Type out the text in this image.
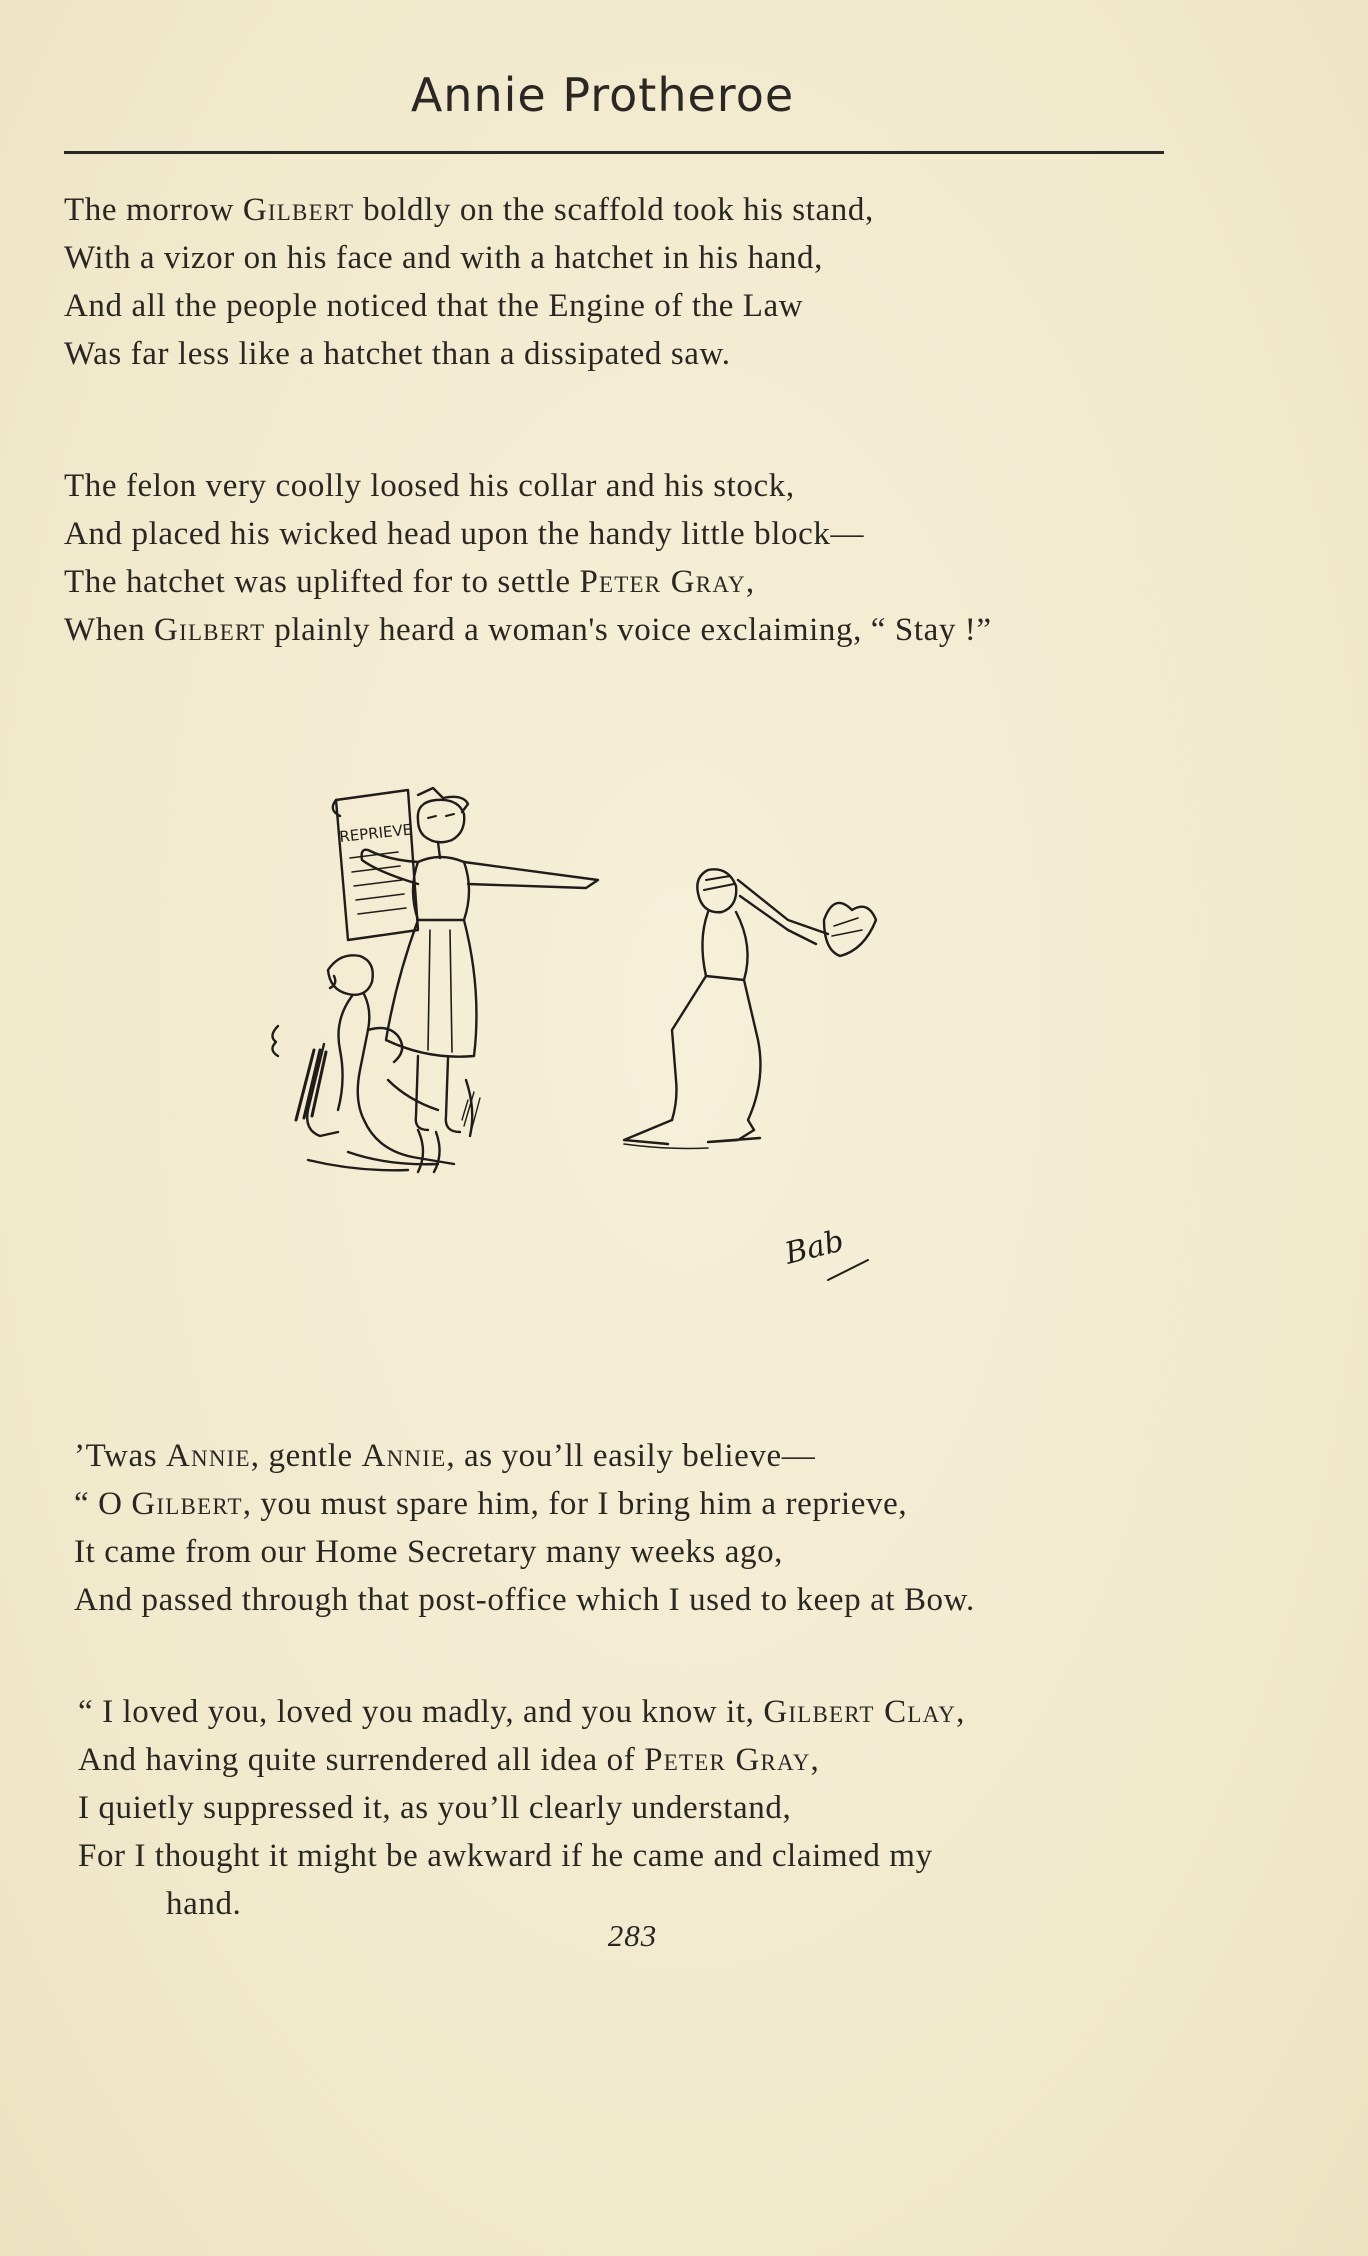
Annie Protheroe
The morrow Gilbert boldly on the scaffold took his stand,
With a vizor on his face and with a hatchet in his hand,
And all the people noticed that the Engine of the Law
Was far less like a hatchet than a dissipated saw.
The felon very coolly loosed his collar and his stock,
And placed his wicked head upon the handy little block—
The hatchet was uplifted for to settle Peter Gray,
When Gilbert plainly heard a woman's voice exclaiming, “ Stay !”
REPRIEVE
Bab
’Twas Annie, gentle Annie, as you’ll easily believe—
“ O Gilbert, you must spare him, for I bring him a reprieve,
It came from our Home Secretary many weeks ago,
And passed through that post-office which I used to keep at Bow.
“ I loved you, loved you madly, and you know it, Gilbert Clay,
And having quite surrendered all idea of Peter Gray,
I quietly suppressed it, as you’ll clearly understand,
For I thought it might be awkward if he came and claimed my
hand.
283
